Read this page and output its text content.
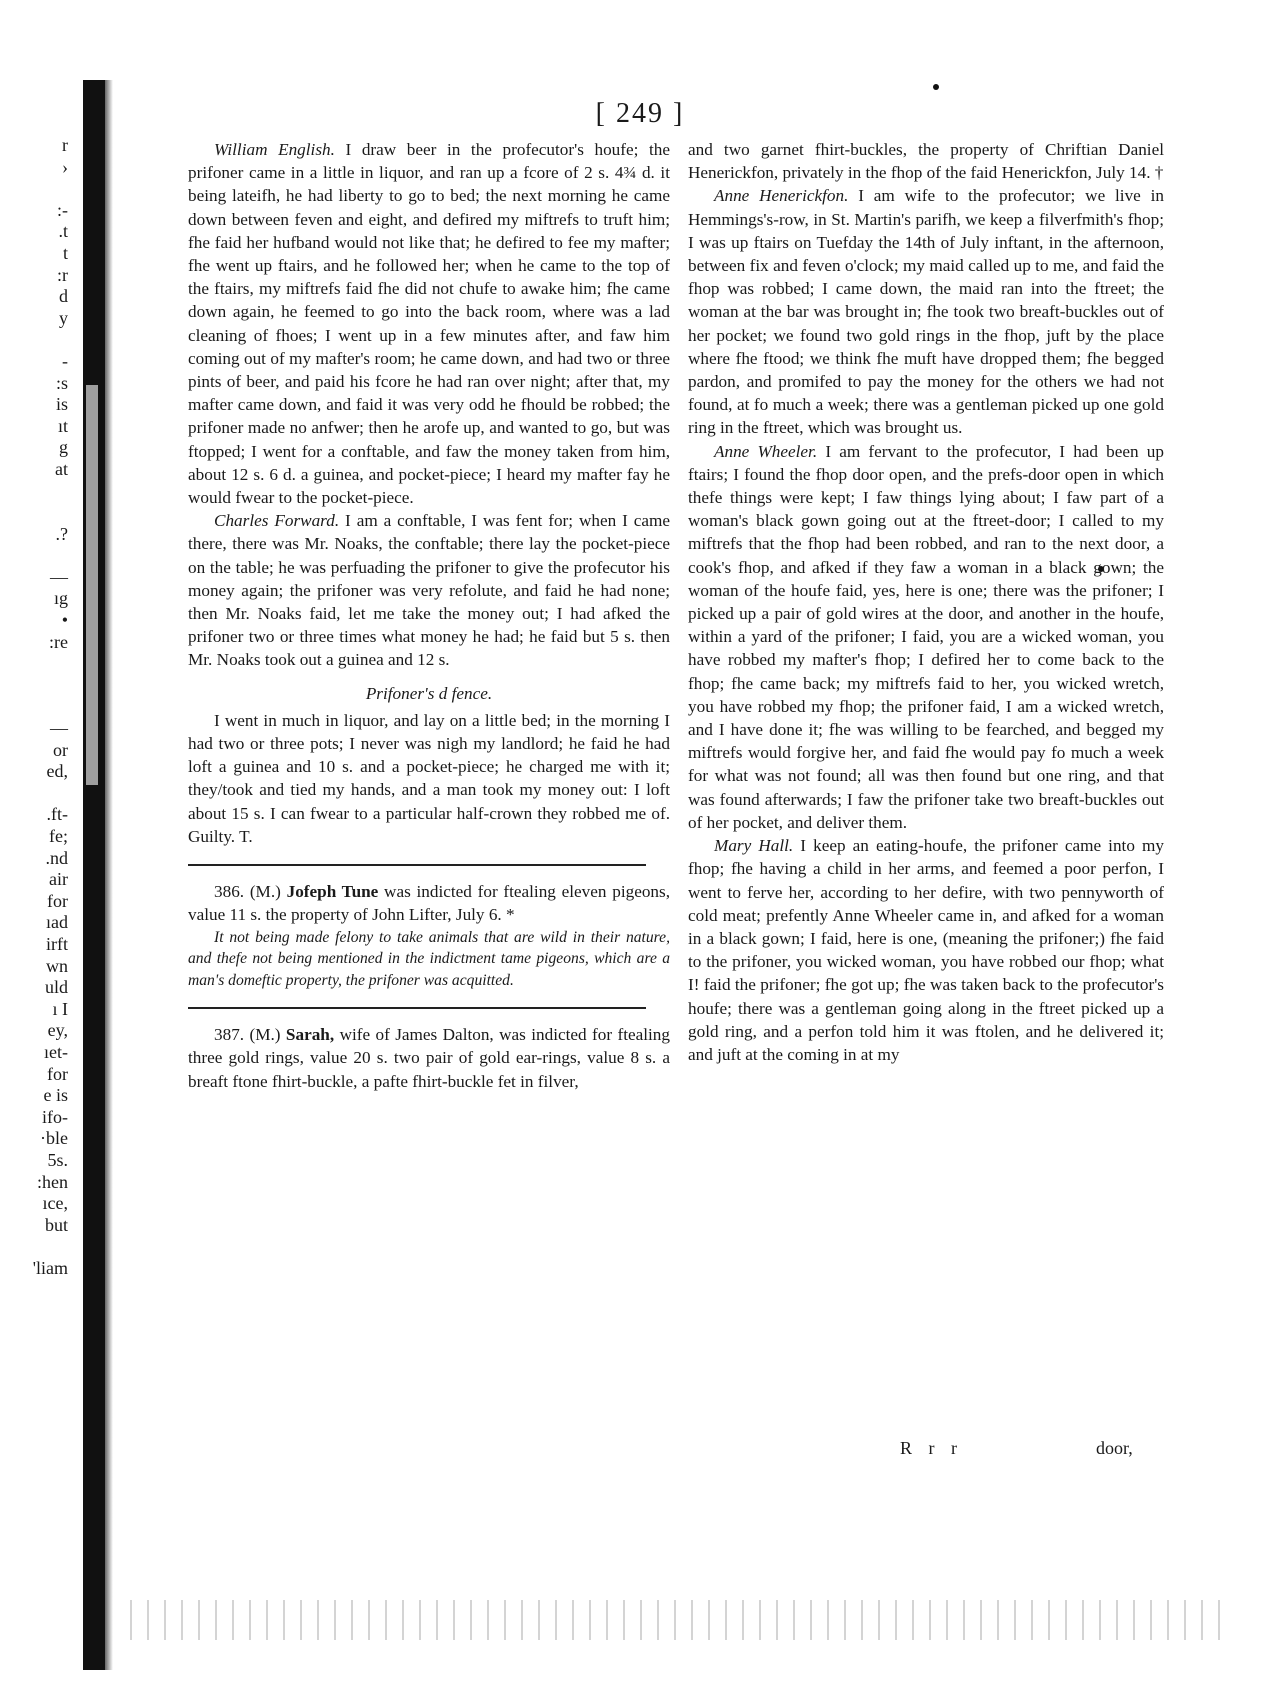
r
›
:-
.t
t
:r
d
y
-
:s
is
ıt
g
at
.?
—
ıg
•
:re
—
or
ed,
.ft-
fe;
.nd
air
for
ıad
irft
wn
uld
ı I
ey,
ıet-
for
e is
ifo-
·ble
5s.
:hen
ıce,
but
'liam
[ 249 ]

William English. I draw beer in the profecutor's houfe; the prifoner came in a little in liquor, and ran up a fcore of 2 s. 4¾ d. it being lateifh, he had liberty to go to bed; the next morning he came down between feven and eight, and defired my miftrefs to truft him; fhe faid her hufband would not like that; he defired to fee my mafter; fhe went up ftairs, and he followed her; when he came to the top of the ftairs, my miftrefs faid fhe did not chufe to awake him; fhe came down again, he feemed to go into the back room, where was a lad cleaning of fhoes; I went up in a few minutes after, and faw him coming out of my mafter's room; he came down, and had two or three pints of beer, and paid his fcore he had ran over night; after that, my mafter came down, and faid it was very odd he fhould be robbed; the prifoner made no anfwer; then he arofe up, and wanted to go, but was ftopped; I went for a conftable, and faw the money taken from him, about 12 s. 6 d. a guinea, and pocket-piece; I heard my mafter fay he would fwear to the pocket-piece.

Charles Forward. I am a conftable, I was fent for; when I came there, there was Mr. Noaks, the conftable; there lay the pocket-piece on the table; he was perfuading the prifoner to give the profecutor his money again; the prifoner was very refolute, and faid he had none; then Mr. Noaks faid, let me take the money out; I had afked the prifoner two or three times what money he had; he faid but 5 s. then Mr. Noaks took out a guinea and 12 s.

Prifoner's d fence.

I went in much in liquor, and lay on a little bed; in the morning I had two or three pots; I never was nigh my landlord; he faid he had loft a guinea and 10 s. and a pocket-piece; he charged me with it; they/took and tied my hands, and a man took my money out: I loft about 15 s. I can fwear to a particular half-crown they robbed me of. Guilty. T.

386. (M.) Jofeph Tune was indicted for ftealing eleven pigeons, value 11 s. the property of John Lifter, July 6. *

It not being made felony to take animals that are wild in their nature, and thefe not being mentioned in the indictment tame pigeons, which are a man's domeftic property, the prifoner was acquitted.

387. (M.) Sarah, wife of James Dalton, was indicted for ftealing three gold rings, value 20 s. two pair of gold ear-rings, value 8 s. a breaft ftone fhirt-buckle, a pafte fhirt-buckle fet in filver,

and two garnet fhirt-buckles, the property of Chriftian Daniel Henerickfon, privately in the fhop of the faid Henerickfon, July 14. †

Anne Henerickfon. I am wife to the profecutor; we live in Hemmings's-row, in St. Martin's parifh, we keep a filverfmith's fhop; I was up ftairs on Tuefday the 14th of July inftant, in the afternoon, between fix and feven o'clock; my maid called up to me, and faid the fhop was robbed; I came down, the maid ran into the ftreet; the woman at the bar was brought in; fhe took two breaft-buckles out of her pocket; we found two gold rings in the fhop, juft by the place where fhe ftood; we think fhe muft have dropped them; fhe begged pardon, and promifed to pay the money for the others we had not found, at fo much a week; there was a gentleman picked up one gold ring in the ftreet, which was brought us.

Anne Wheeler. I am fervant to the profecutor, I had been up ftairs; I found the fhop door open, and the prefs-door open in which thefe things were kept; I faw things lying about; I faw part of a woman's black gown going out at the ftreet-door; I called to my miftrefs that the fhop had been robbed, and ran to the next door, a cook's fhop, and afked if they faw a woman in a black gown; the woman of the houfe faid, yes, here is one; there was the prifoner; I picked up a pair of gold wires at the door, and another in the houfe, within a yard of the prifoner; I faid, you are a wicked woman, you have robbed my mafter's fhop; I defired her to come back to the fhop; fhe came back; my miftrefs faid to her, you wicked wretch, you have robbed my fhop; the prifoner faid, I am a wicked wretch, and I have done it; fhe was willing to be fearched, and begged my miftrefs would forgive her, and faid fhe would pay fo much a week for what was not found; all was then found but one ring, and that was found afterwards; I faw the prifoner take two breaft-buckles out of her pocket, and deliver them.

Mary Hall. I keep an eating-houfe, the prifoner came into my fhop; fhe having a child in her arms, and feemed a poor perfon, I went to ferve her, according to her defire, with two pennyworth of cold meat; prefently Anne Wheeler came in, and afked for a woman in a black gown; I faid, here is one, (meaning the prifoner;) fhe faid to the prifoner, you wicked woman, you have robbed our fhop; what I! faid the prifoner; fhe got up; fhe was taken back to the profecutor's houfe; there was a gentleman going along in the ftreet picked up a gold ring, and a perfon told him it was ftolen, and he delivered it; and juft at the coming in at my

R r r	door,
